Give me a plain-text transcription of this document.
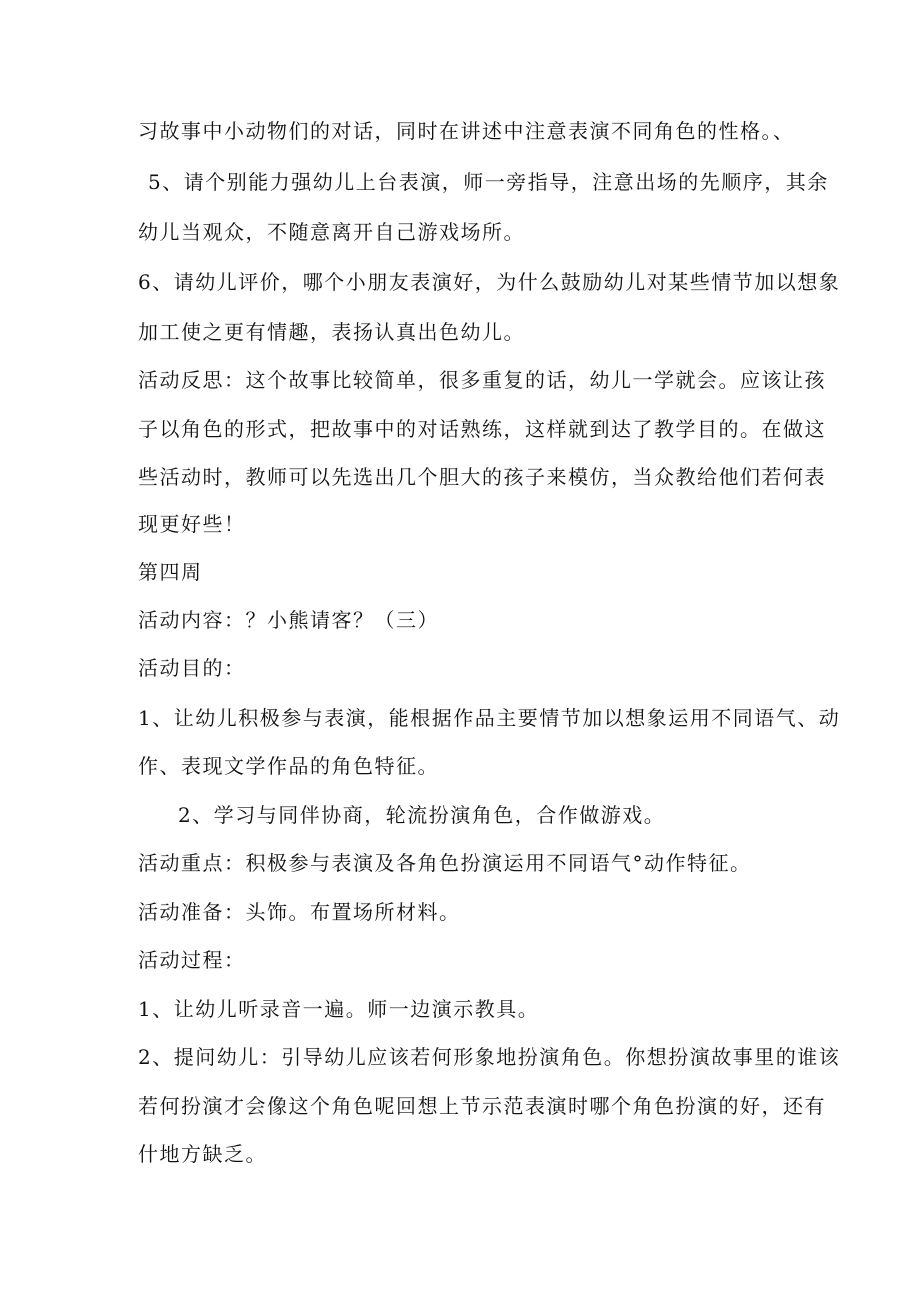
习故事中小动物们的对话，同时在讲述中注意表演不同角色的性格。、
5、请个别能力强幼儿上台表演，师一旁指导，注意出场的先顺序，其余
幼儿当观众，不随意离开自己游戏场所。
6、请幼儿评价，哪个小朋友表演好，为什么鼓励幼儿对某些情节加以想象
加工使之更有情趣，表扬认真出色幼儿。
活动反思：这个故事比较简单，很多重复的话，幼儿一学就会。应该让孩
子以角色的形式，把故事中的对话熟练，这样就到达了教学目的。在做这
些活动时，教师可以先选出几个胆大的孩子来模仿，当众教给他们若何表
现更好些！
第四周
活动内容：？小熊请客？（三）
活动目的：
1、让幼儿积极参与表演，能根据作品主要情节加以想象运用不同语气、动
作、表现文学作品的角色特征。
2、学习与同伴协商，轮流扮演角色，合作做游戏。
活动重点：积极参与表演及各角色扮演运用不同语气°动作特征。
活动准备：头饰。布置场所材料。
活动过程：
1、让幼儿听录音一遍。师一边演示教具。
2、提问幼儿：引导幼儿应该若何形象地扮演角色。你想扮演故事里的谁该
若何扮演才会像这个角色呢回想上节示范表演时哪个角色扮演的好，还有
什地方缺乏。
